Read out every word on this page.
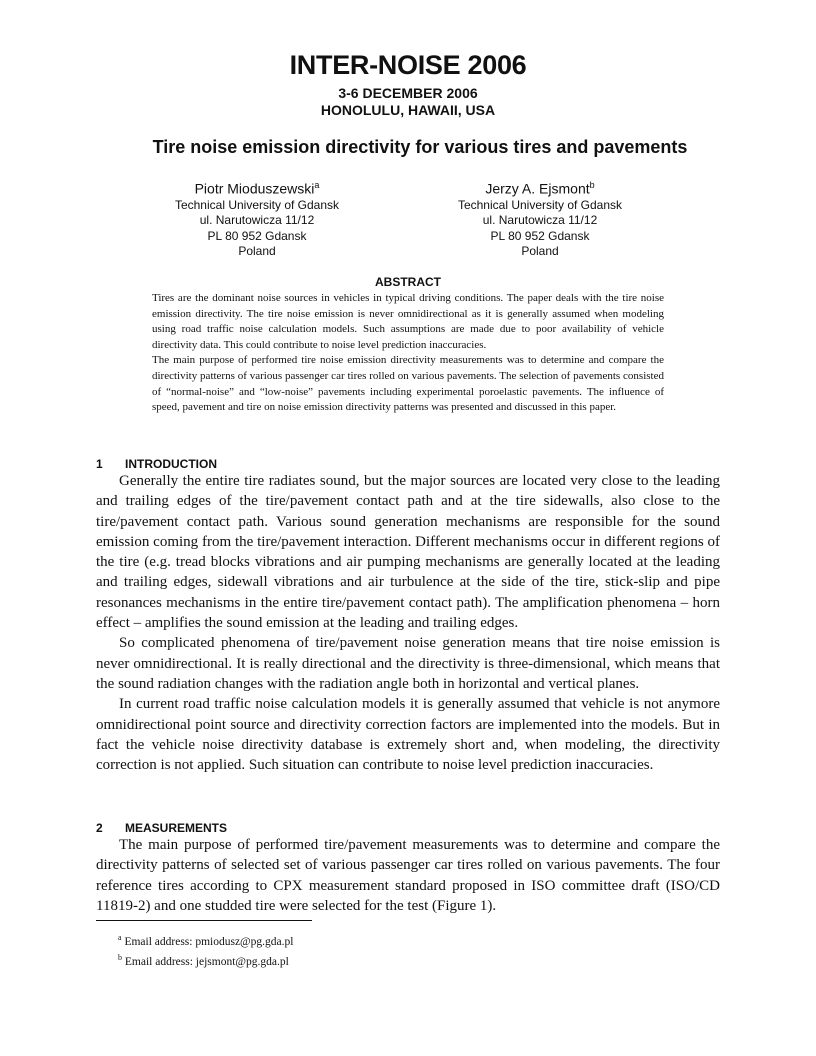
INTER-NOISE 2006
3-6 DECEMBER 2006
HONOLULU, HAWAII, USA
Tire noise emission directivity for various tires and pavements
Piotr Mioduszewski$^a$
Technical University of Gdansk
ul. Narutowicza 11/12
PL 80 952 Gdansk
Poland
Jerzy A. Ejsmont$^b$
Technical University of Gdansk
ul. Narutowicza 11/12
PL 80 952 Gdansk
Poland
ABSTRACT

Tires are the dominant noise sources in vehicles in typical driving conditions. The paper deals with the tire noise emission directivity. The tire noise emission is never omnidirectional as it is generally assumed when modeling using road traffic noise calculation models. Such assumptions are made due to poor availability of vehicle directivity data. This could contribute to noise level prediction inaccuracies.

The main purpose of performed tire noise emission directivity measurements was to determine and compare the directivity patterns of various passenger car tires rolled on various pavements. The selection of pavements consisted of “normal-noise” and “low-noise” pavements including experimental poroelastic pavements. The influence of speed, pavement and tire on noise emission directivity patterns was presented and discussed in this paper.

1 INTRODUCTION

Generally the entire tire radiates sound, but the major sources are located very close to the leading and trailing edges of the tire/pavement contact path and at the tire sidewalls, also close to the tire/pavement contact path. Various sound generation mechanisms are responsible for the sound emission coming from the tire/pavement interaction. Different mechanisms occur in different regions of the tire (e.g. tread blocks vibrations and air pumping mechanisms are generally located at the leading and trailing edges, sidewall vibrations and air turbulence at the side of the tire, stick-slip and pipe resonances mechanisms in the entire tire/pavement contact path). The amplification phenomena – horn effect – amplifies the sound emission at the leading and trailing edges.

So complicated phenomena of tire/pavement noise generation means that tire noise emission is never omnidirectional. It is really directional and the directivity is three-dimensional, which means that the sound radiation changes with the radiation angle both in horizontal and vertical planes.

In current road traffic noise calculation models it is generally assumed that vehicle is not anymore omnidirectional point source and directivity correction factors are implemented into the models. But in fact the vehicle noise directivity database is extremely short and, when modeling, the directivity correction is not applied. Such situation can contribute to noise level prediction inaccuracies.

2 MEASUREMENTS

The main purpose of performed tire/pavement measurements was to determine and compare the directivity patterns of selected set of various passenger car tires rolled on various pavements. The four reference tires according to CPX measurement standard proposed in ISO committee draft (ISO/CD 11819-2) and one studded tire were selected for the test (Figure 1).

$^a$ Email address: pmiodusz@pg.gda.pl
$^b$ Email address: jejsmont@pg.gda.pl
